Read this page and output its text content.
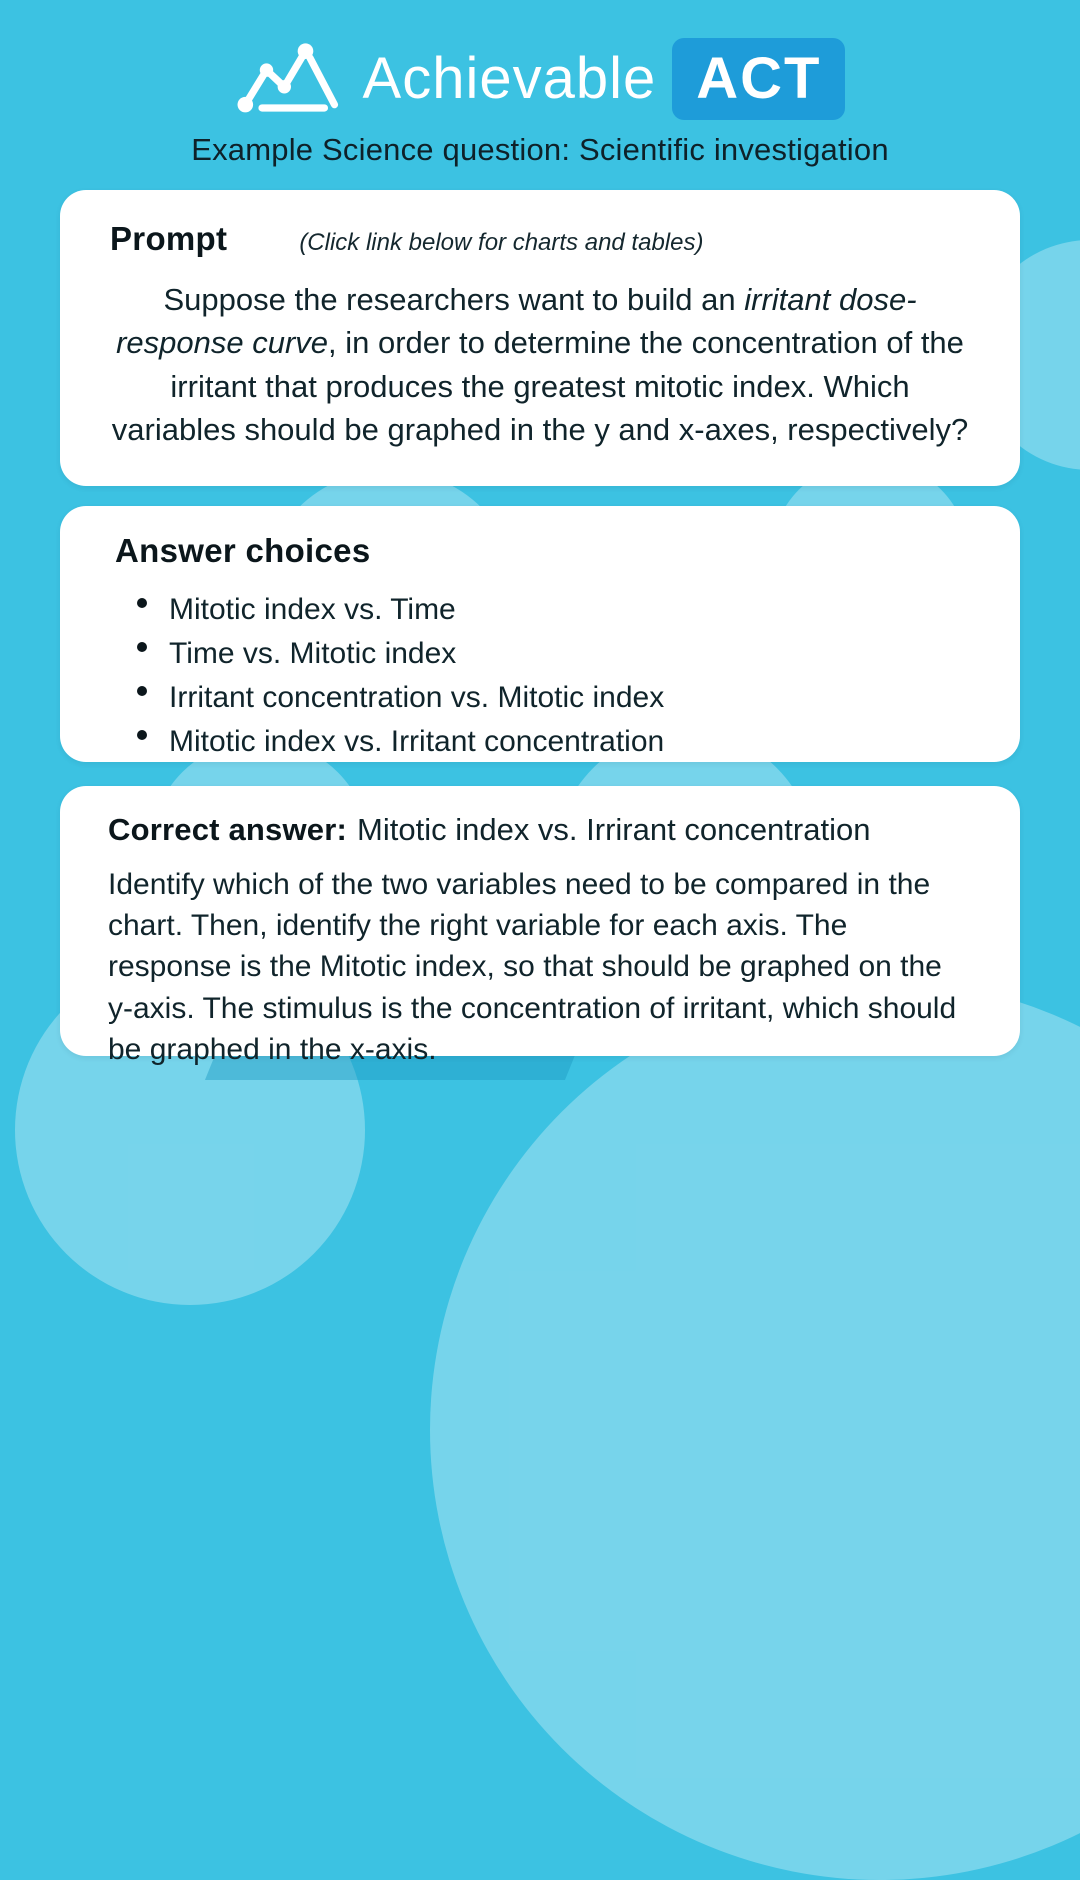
Achievable ACT
Example Science question: Scientific investigation
Prompt	(Click link below for charts and tables)
Suppose the researchers want to build an irritant dose-response curve, in order to determine the concentration of the irritant that produces the greatest mitotic index. Which variables should be graphed in the y and x-axes, respectively?
Answer choices
Mitotic index vs. Time
Time vs. Mitotic index
Irritant concentration vs. Mitotic index
Mitotic index vs. Irritant concentration
Correct answer: Mitotic index vs. Irrirant concentration
Identify which of the two variables need to be compared in the chart. Then, identify the right variable for each axis. The response is the Mitotic index, so that should be graphed on the y-axis. The stimulus is the concentration of irritant, which should be graphed in the x-axis.
